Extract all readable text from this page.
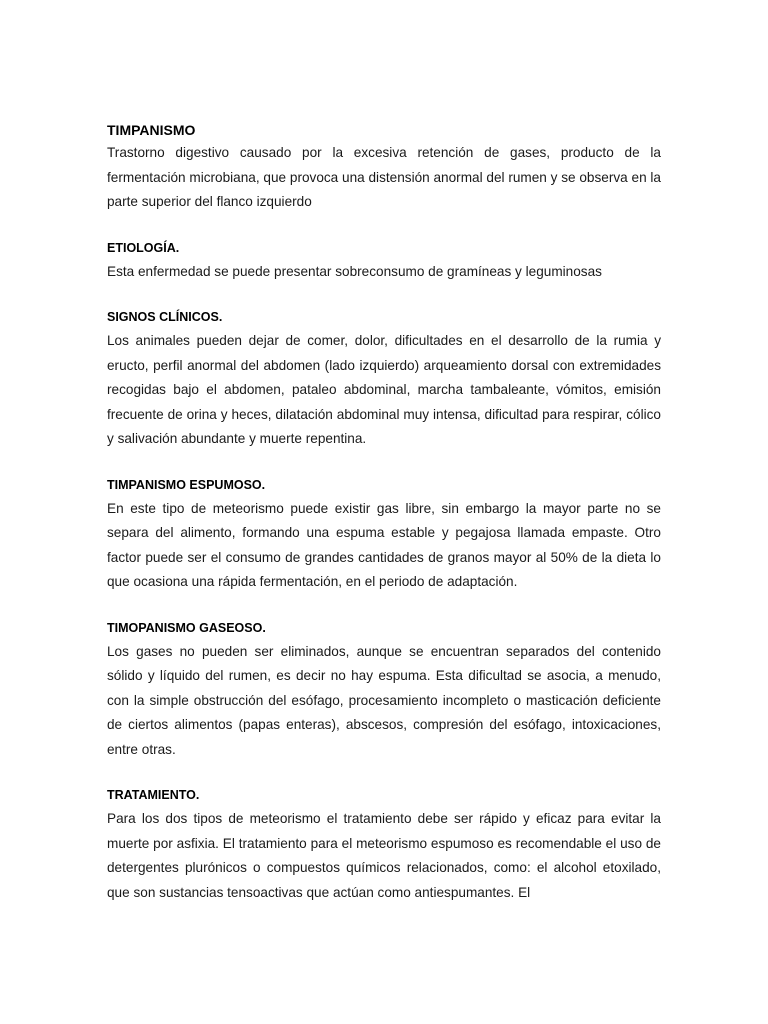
TIMPANISMO

Trastorno digestivo causado por la excesiva retención de gases, producto de la fermentación microbiana, que provoca una distensión anormal del rumen y se observa en la parte superior del flanco izquierdo

ETIOLOGÍA.

Esta enfermedad se puede presentar sobreconsumo de gramíneas y leguminosas

SIGNOS CLÍNICOS.

Los animales pueden dejar de comer, dolor, dificultades en el desarrollo de la rumia y eructo, perfil anormal del abdomen (lado izquierdo) arqueamiento dorsal con extremidades recogidas bajo el abdomen, pataleo abdominal, marcha tambaleante, vómitos, emisión frecuente de orina y heces, dilatación abdominal muy intensa, dificultad para respirar, cólico y salivación abundante y muerte repentina.

TIMPANISMO ESPUMOSO.

En este tipo de meteorismo puede existir gas libre, sin embargo la mayor parte no se separa del alimento, formando una espuma estable y pegajosa llamada empaste. Otro factor puede ser el consumo de grandes cantidades de granos mayor al 50% de la dieta lo que ocasiona una rápida fermentación, en el periodo de adaptación.

TIMOPANISMO GASEOSO.

Los gases no pueden ser eliminados, aunque se encuentran separados del contenido sólido y líquido del rumen, es decir no hay espuma. Esta dificultad se asocia, a menudo, con la simple obstrucción del esófago, procesamiento incompleto o masticación deficiente de ciertos alimentos (papas enteras), abscesos, compresión del esófago, intoxicaciones, entre otras.

TRATAMIENTO.

Para los dos tipos de meteorismo el tratamiento debe ser rápido y eficaz para evitar la muerte por asfixia. El tratamiento para el meteorismo espumoso es recomendable el uso de detergentes plurónicos o compuestos químicos relacionados, como: el alcohol etoxilado, que son sustancias tensoactivas que actúan como antiespumantes. El
